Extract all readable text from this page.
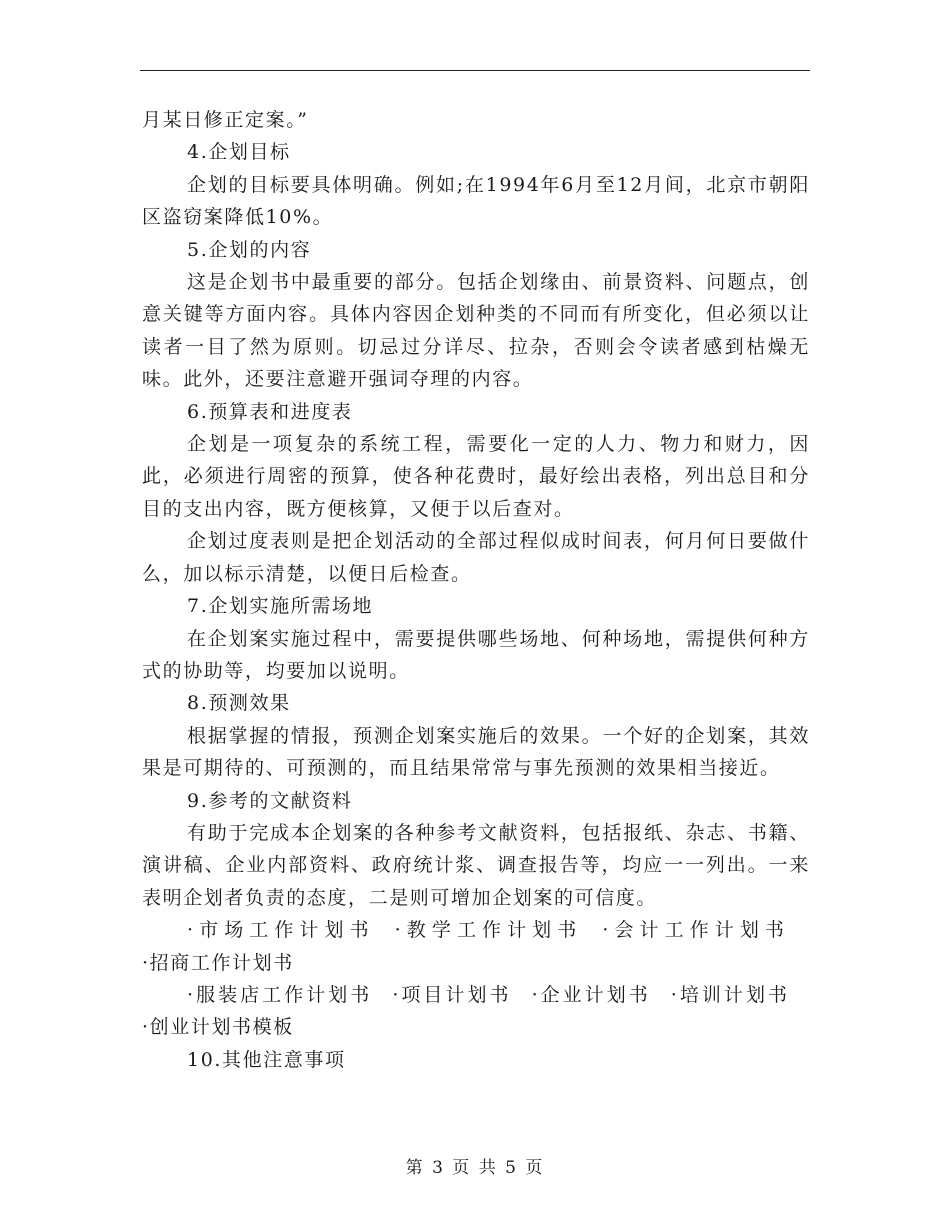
月某日修正定案。”

4.企划目标

企划的目标要具体明确。例如;在1994年6月至12月间，北京市朝阳区盗窃案降低10%。

5.企划的内容

这是企划书中最重要的部分。包括企划缘由、前景资料、问题点，创意关键等方面内容。具体内容因企划种类的不同而有所变化，但必须以让读者一目了然为原则。切忌过分详尽、拉杂，否则会令读者感到枯燥无味。此外，还要注意避开强词夺理的内容。

6.预算表和进度表

企划是一项复杂的系统工程，需要化一定的人力、物力和财力，因此，必须进行周密的预算，使各种花费时，最好绘出表格，列出总目和分目的支出内容，既方便核算，又便于以后查对。

企划过度表则是把企划活动的全部过程似成时间表，何月何日要做什么，加以标示清楚，以便日后检查。

7.企划实施所需场地

在企划案实施过程中，需要提供哪些场地、何种场地，需提供何种方式的协助等，均要加以说明。

8.预测效果

根据掌握的情报，预测企划案实施后的效果。一个好的企划案，其效果是可期待的、可预测的，而且结果常常与事先预测的效果相当接近。

9.参考的文献资料

有助于完成本企划案的各种参考文献资料，包括报纸、杂志、书籍、演讲稿、企业内部资料、政府统计浆、调查报告等，均应一一列出。一来表明企划者负责的态度，二是则可增加企划案的可信度。

·市场工作计划书 ·教学工作计划书 ·会计工作计划书·招商工作计划书

·服装店工作计划书 ·项目计划书 ·企业计划书 ·培训计划书·创业计划书模板

10.其他注意事项

第 3 页 共 5 页
